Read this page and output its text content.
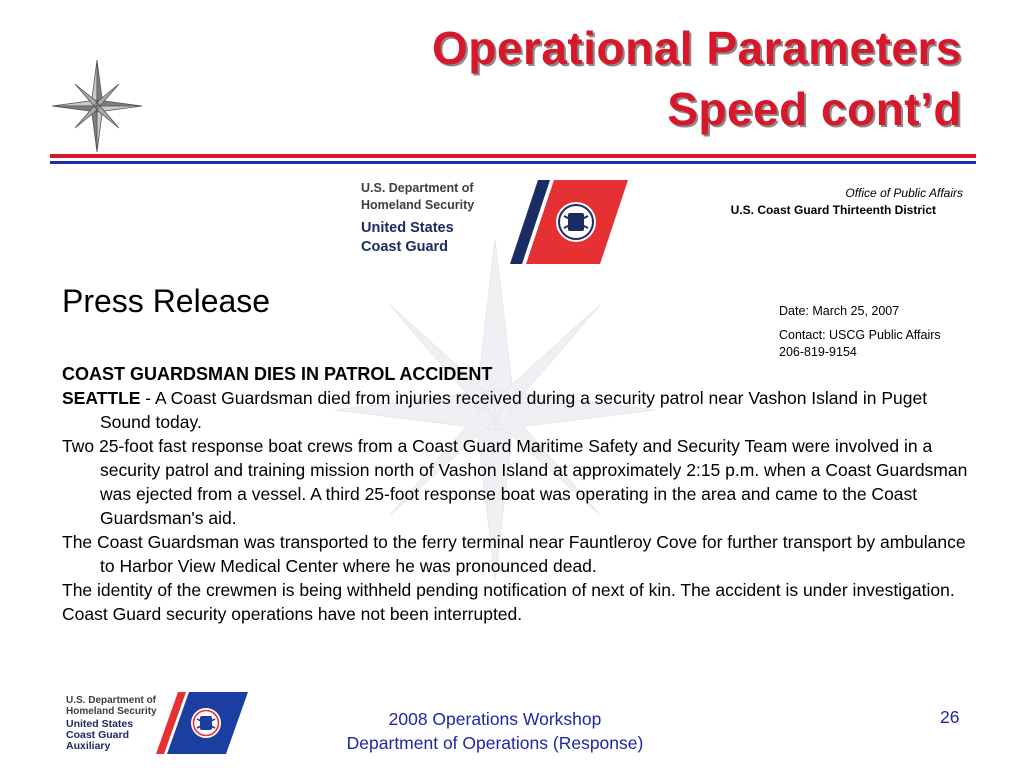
Operational Parameters
Speed cont’d
U.S. Department of
Homeland Security
United States
Coast Guard
Office of Public Affairs
U.S. Coast Guard Thirteenth District
Press Release	Date: March 25, 2007
Contact: USCG Public Affairs
206-819-9154

COAST GUARDSMAN DIES IN PATROL ACCIDENT

SEATTLE - A Coast Guardsman died from injuries received during a security patrol near Vashon Island in Puget Sound today.

Two 25-foot fast response boat crews from a Coast Guard Maritime Safety and Security Team were involved in a security patrol and training mission north of Vashon Island at approximately 2:15 p.m. when a Coast Guardsman was ejected from a vessel. A third 25-foot response boat was operating in the area and came to the Coast Guardsman's aid.

The Coast Guardsman was transported to the ferry terminal near Fauntleroy Cove for further transport by ambulance to Harbor View Medical Center where he was pronounced dead.

The identity of the crewmen is being withheld pending notification of next of kin. The accident is under investigation.

Coast Guard security operations have not been interrupted.

U.S. Department of
Homeland Security
United States
Coast Guard
Auxiliary
2008 Operations Workshop
Department of Operations (Response)
26
